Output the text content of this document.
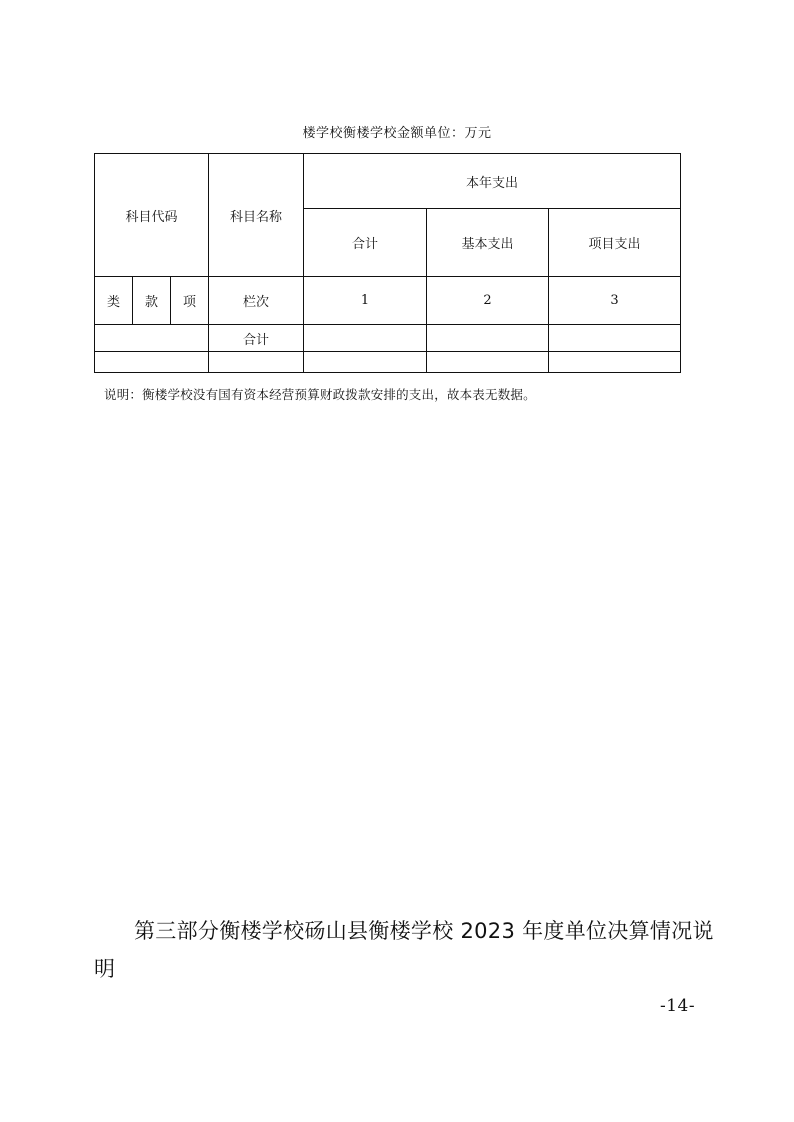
楼学校衡楼学校金额单位：万元
科目代码			科目名称	本年支出		
				合计	基本支出	项目支出
类	款	项	栏次	1	2	3
			合计			

说明：衡楼学校没有国有资本经营预算财政拨款安排的支出，故本表无数据。
第三部分衡楼学校砀山县衡楼学校 2023 年度单位决算情况说明
-14-
